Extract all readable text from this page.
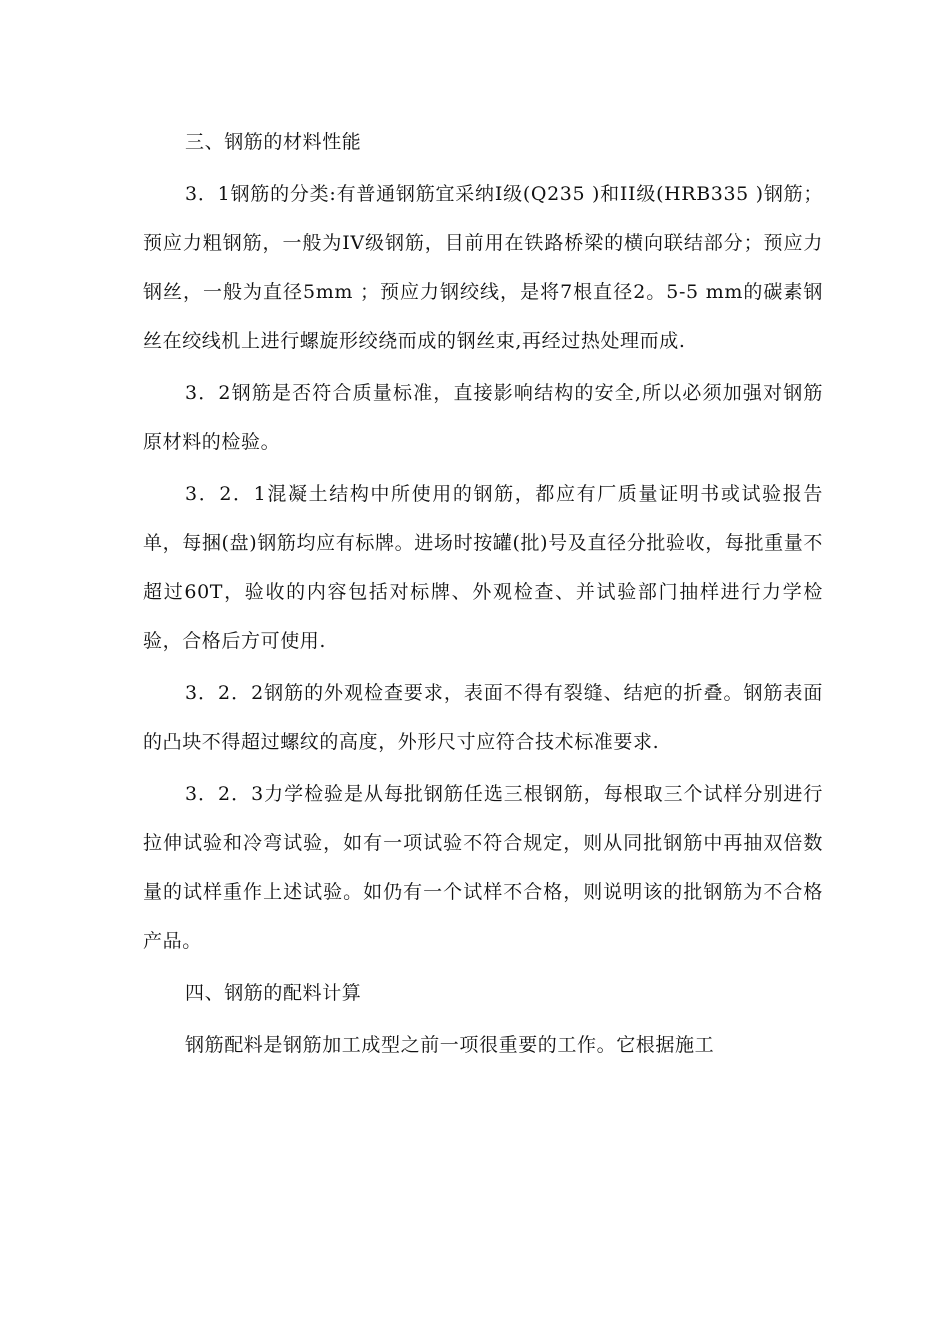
三、钢筋的材料性能

3．1钢筋的分类:有普通钢筋宜采纳Ⅰ级(Q235 )和II级(HRB335 )钢筋；预应力粗钢筋，一般为IV级钢筋，目前用在铁路桥梁的横向联结部分；预应力钢丝，一般为直径5mm ；预应力钢绞线，是将7根直径2。5-5 mm的碳素钢丝在绞线机上进行螺旋形绞绕而成的钢丝束,再经过热处理而成.

3．2钢筋是否符合质量标准，直接影响结构的安全,所以必须加强对钢筋原材料的检验。

3．2．1混凝土结构中所使用的钢筋，都应有厂质量证明书或试验报告单，每捆(盘)钢筋均应有标牌。进场时按罐(批)号及直径分批验收，每批重量不超过60T，验收的内容包括对标牌、外观检查、并试验部门抽样进行力学检验，合格后方可使用.

3．2．2钢筋的外观检查要求，表面不得有裂缝、结疤的折叠。钢筋表面的凸块不得超过螺纹的高度，外形尺寸应符合技术标准要求.

3．2．3力学检验是从每批钢筋任选三根钢筋，每根取三个试样分别进行拉伸试验和冷弯试验，如有一项试验不符合规定，则从同批钢筋中再抽双倍数量的试样重作上述试验。如仍有一个试样不合格，则说明该的批钢筋为不合格产品。

四、钢筋的配料计算

钢筋配料是钢筋加工成型之前一项很重要的工作。它根据施工
